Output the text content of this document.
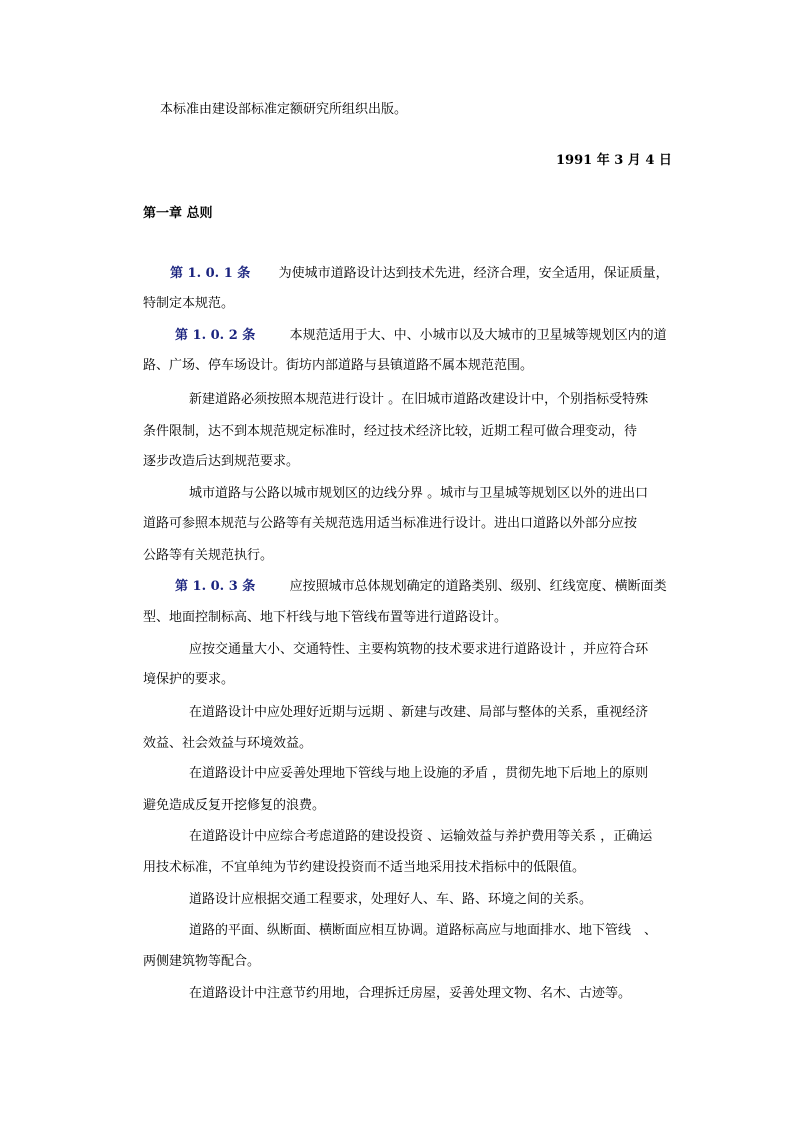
本标准由建设部标准定额研究所组织出版。
1991 年 3 月 4 日
第一章 总则
第 1. 0. 1 条 为使城市道路设计达到技术先进，经济合理，安全适用，保证质量，
特制定本规范。
第 1. 0. 2 条	本规范适用于大、中、小城市以及大城市的卫星城等规划区内的道
路、广场、停车场设计。街坊内部道路与县镇道路不属本规范范围。
新建道路必须按照本规范进行设计 。在旧城市道路改建设计中，个别指标受特殊
条件限制，达不到本规范规定标准时，经过技术经济比较，近期工程可做合理变动，待
逐步改造后达到规范要求。
城市道路与公路以城市规划区的边线分界 。城市与卫星城等规划区以外的进出口
道路可参照本规范与公路等有关规范选用适当标准进行设计。进出口道路以外部分应按
公路等有关规范执行。
第 1. 0. 3 条	应按照城市总体规划确定的道路类别、级别、红线宽度、横断面类
型、地面控制标高、地下杆线与地下管线布置等进行道路设计。
应按交通量大小、交通特性、主要构筑物的技术要求进行道路设计 ，并应符合环
境保护的要求。
在道路设计中应处理好近期与远期 、新建与改建、局部与整体的关系，重视经济
效益、社会效益与环境效益。
在道路设计中应妥善处理地下管线与地上设施的矛盾 ，贯彻先地下后地上的原则
避免造成反复开挖修复的浪费。
在道路设计中应综合考虑道路的建设投资 、运输效益与养护费用等关系 ，正确运
用技术标准，不宜单纯为节约建设投资而不适当地采用技术指标中的低限值。
道路设计应根据交通工程要求，处理好人、车、路、环境之间的关系。
道路的平面、纵断面、横断面应相互协调。道路标高应与地面排水、地下管线　、
两侧建筑物等配合。
在道路设计中注意节约用地，合理拆迁房屋，妥善处理文物、名木、古迹等。
